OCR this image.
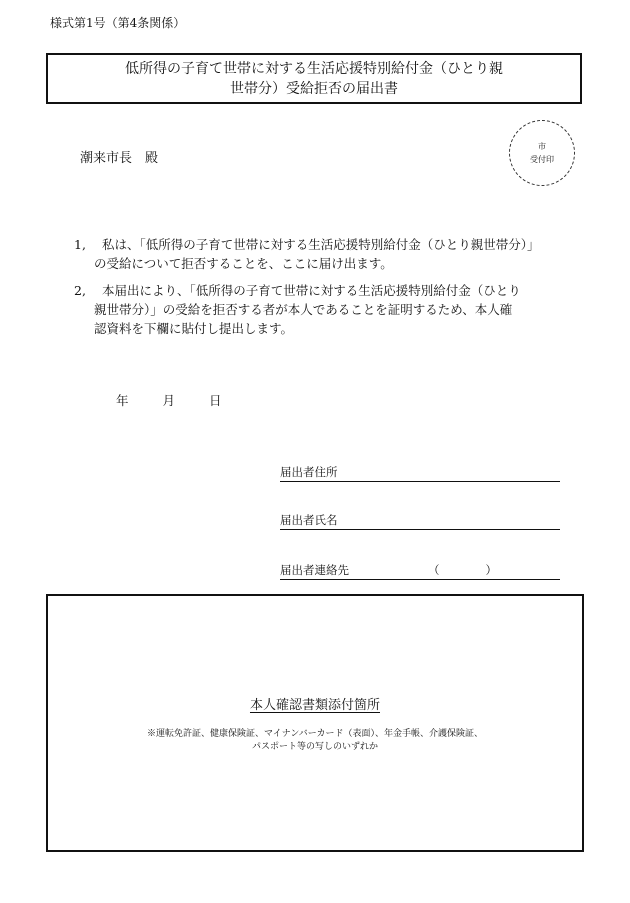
様式第1号（第4条関係）
低所得の子育て世帯に対する生活応援特別給付金（ひとり親
世帯分）受給拒否の届出書
潮来市長　殿
市
受付印
1, 私は、「低所得の子育て世帯に対する生活応援特別給付金（ひとり親世帯分）」
の受給について拒否することを、ここに届け出ます。
2, 本届出により、「低所得の子育て世帯に対する生活応援特別給付金（ひとり
親世帯分）」の受給を拒否する者が本人であることを証明するため、本人確
認資料を下欄に貼付し提出します。
年	月	日
届出者住所
届出者氏名
届出者連絡先	（	）
本人確認書類添付箇所
※運転免許証、健康保険証、マイナンバーカード（表面）、年金手帳、介護保険証、
パスポート等の写しのいずれか
